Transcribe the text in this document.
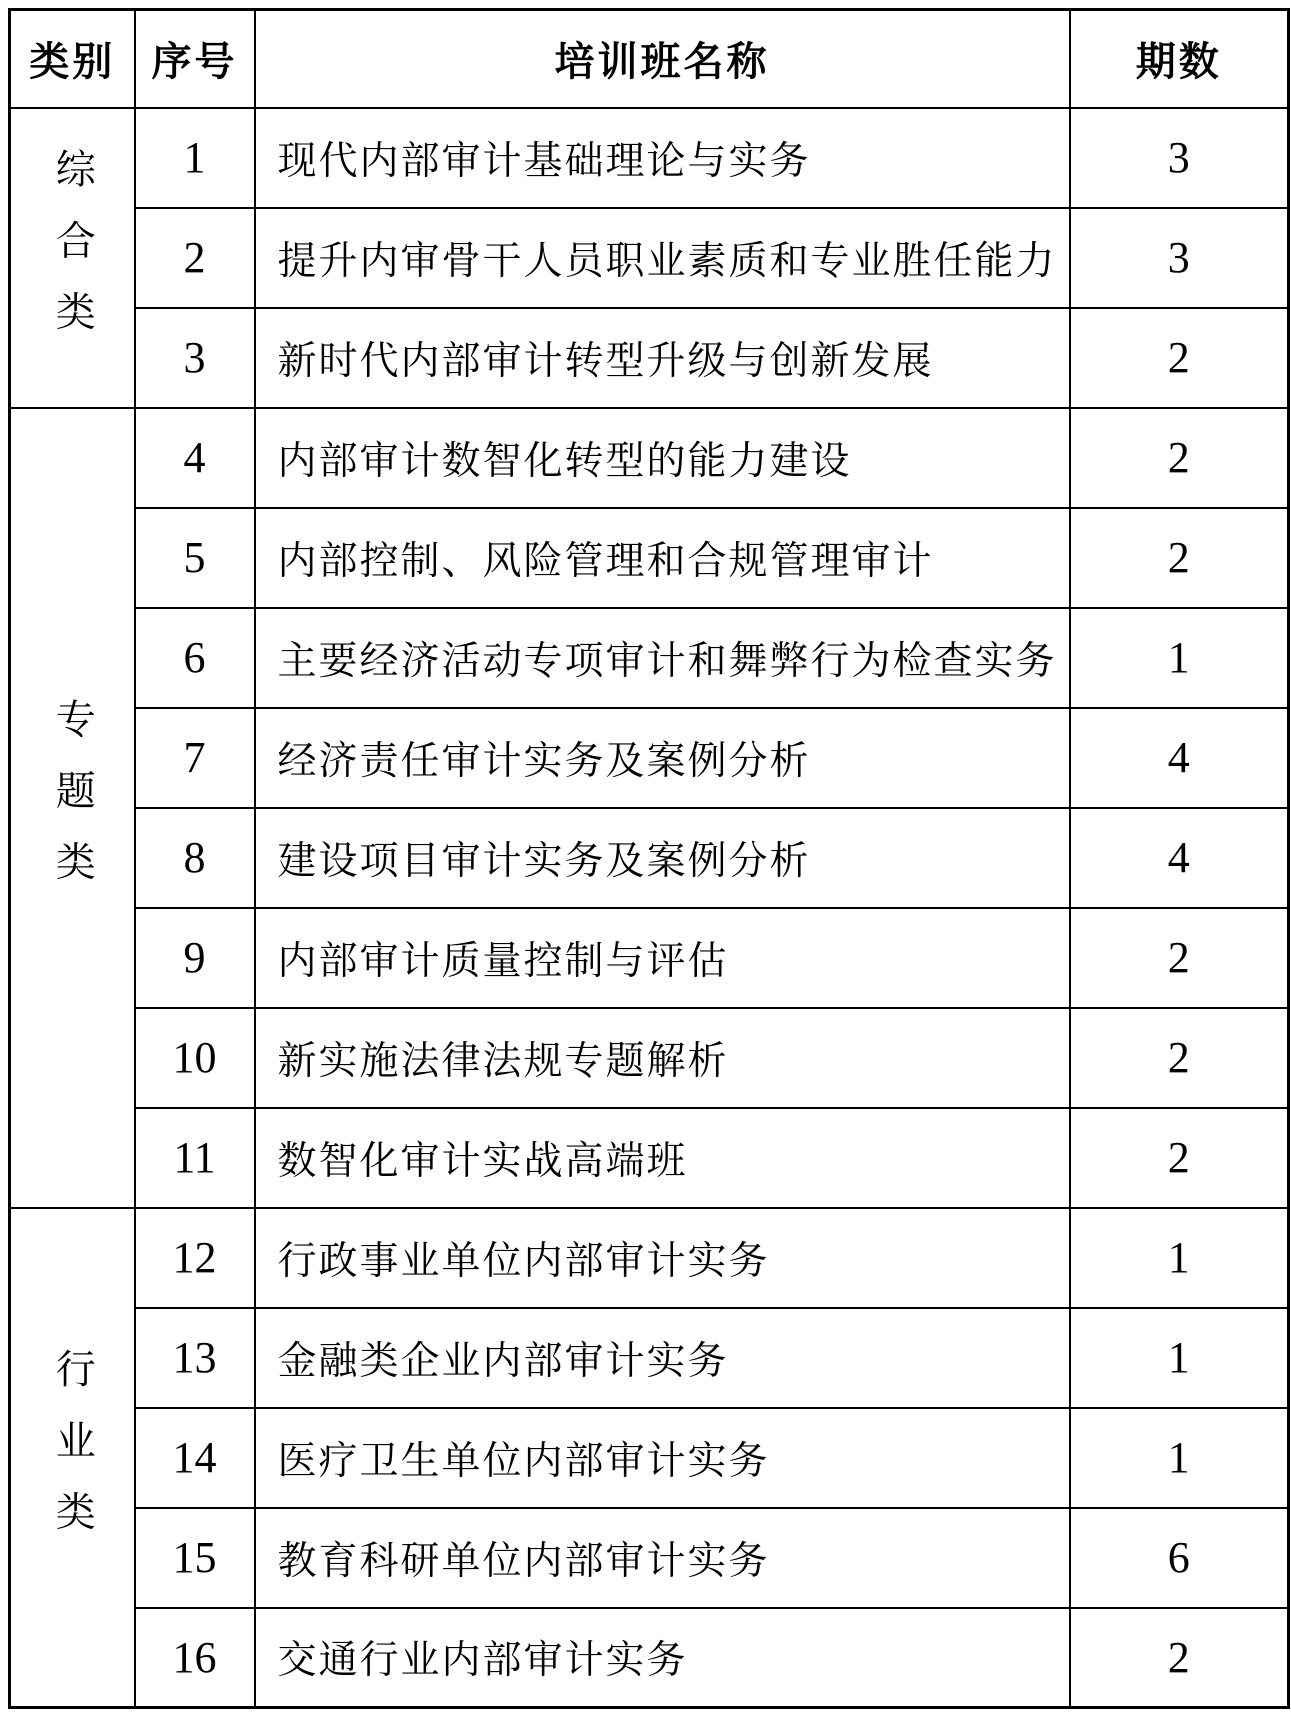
类别	序号	培训班名称	期数
综合类	1	现代内部审计基础理论与实务	3
	2	提升内审骨干人员职业素质和专业胜任能力	3
	3	新时代内部审计转型升级与创新发展	2
专题类	4	内部审计数智化转型的能力建设	2
	5	内部控制、风险管理和合规管理审计	2
	6	主要经济活动专项审计和舞弊行为检查实务	1
	7	经济责任审计实务及案例分析	4
	8	建设项目审计实务及案例分析	4
	9	内部审计质量控制与评估	2
	10	新实施法律法规专题解析	2
	11	数智化审计实战高端班	2
行业类	12	行政事业单位内部审计实务	1
	13	金融类企业内部审计实务	1
	14	医疗卫生单位内部审计实务	1
	15	教育科研单位内部审计实务	6
	16	交通行业内部审计实务	2
